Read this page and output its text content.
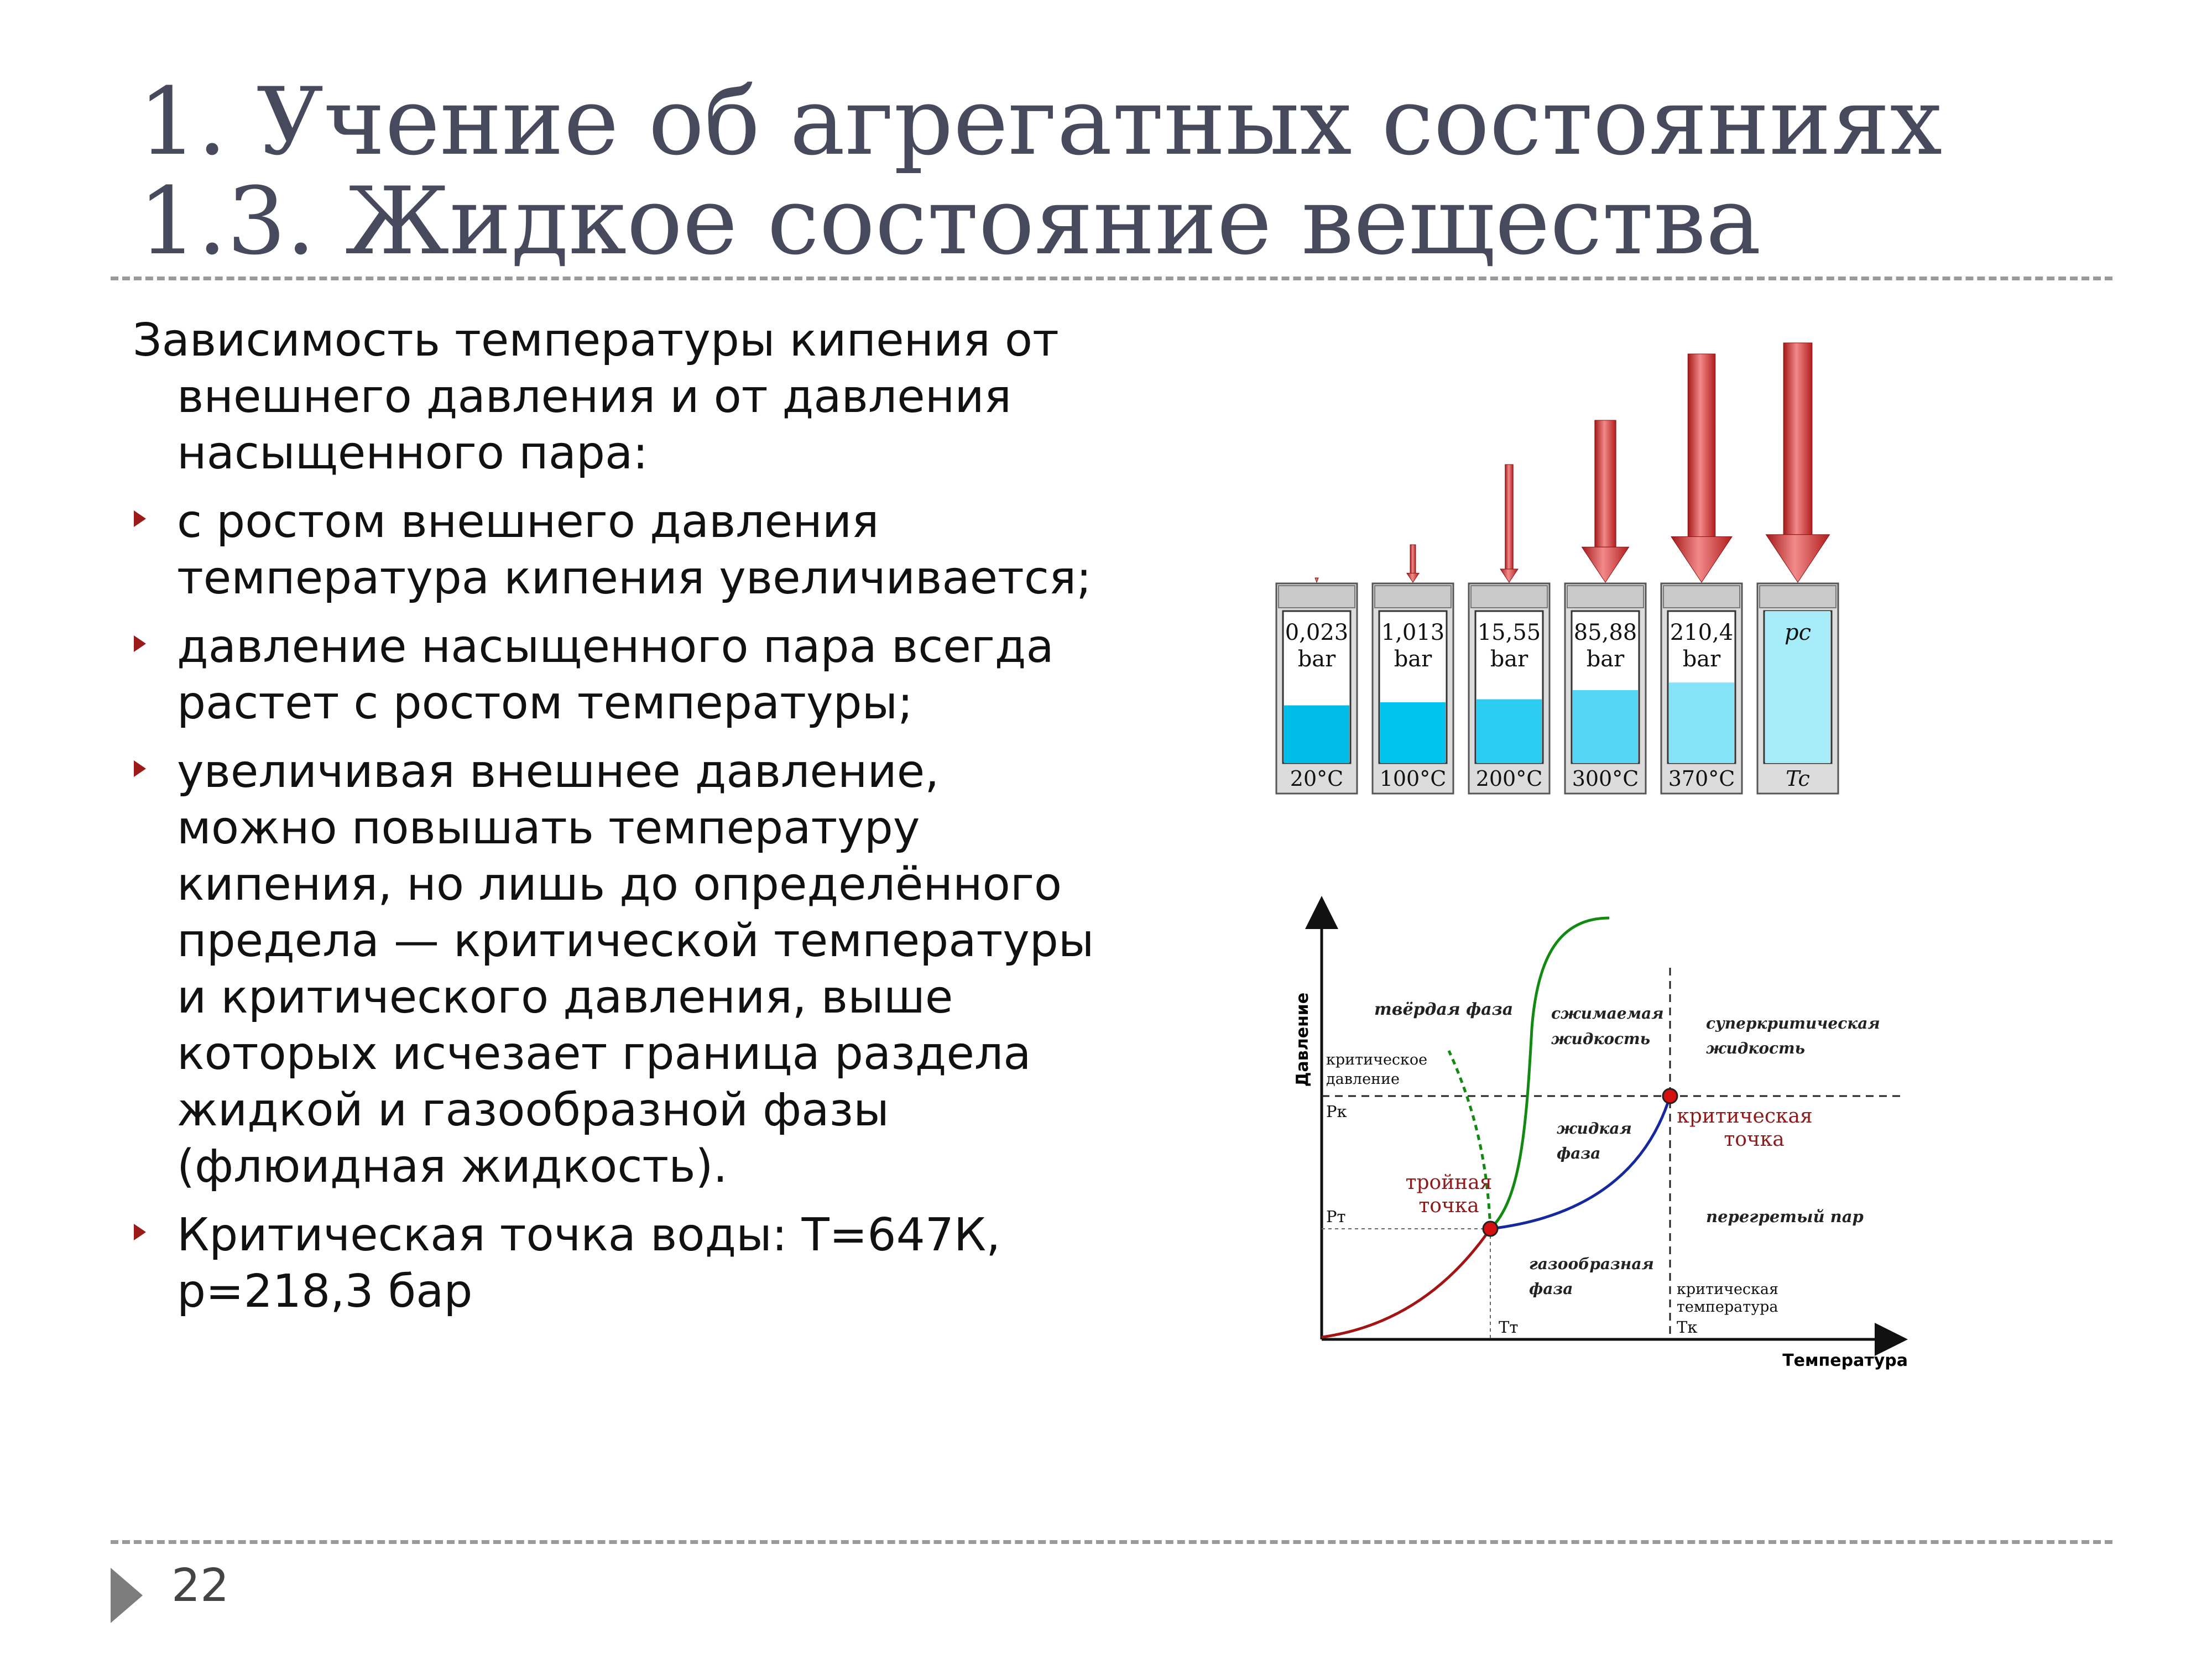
1. Учение об агрегатных состояниях
1.3. Жидкое состояние вещества
Зависимость температуры кипения от внешнего давления и от давления насыщенного пара:
с ростом внешнего давления температура кипения увеличивается;
давление насыщенного пара всегда растет с ростом температуры;
увеличивая внешнее давление, можно повышать температуру кипения, но лишь до определённого предела — критической температуры и критического давления, выше которых исчезает граница раздела жидкой и газообразной фазы (флюидная жидкость).
Критическая точка воды: Т=647К, р=218,3 бар
0,023
bar
20°C
1,013
bar
100°C
15,55
bar
200°C
85,88
bar
300°C
210,4
bar
370°C
pc
Tc
Давление
Температура
твёрдая фаза сжимаемая
жидкость
суперкритическая
жидкость
критическое
давление
Pк
Pт
жидкая
фаза
критическая
точка
тройная
точка	перегретый пар
газообразная
фаза	критическая
температура
Tт	Tк
22
